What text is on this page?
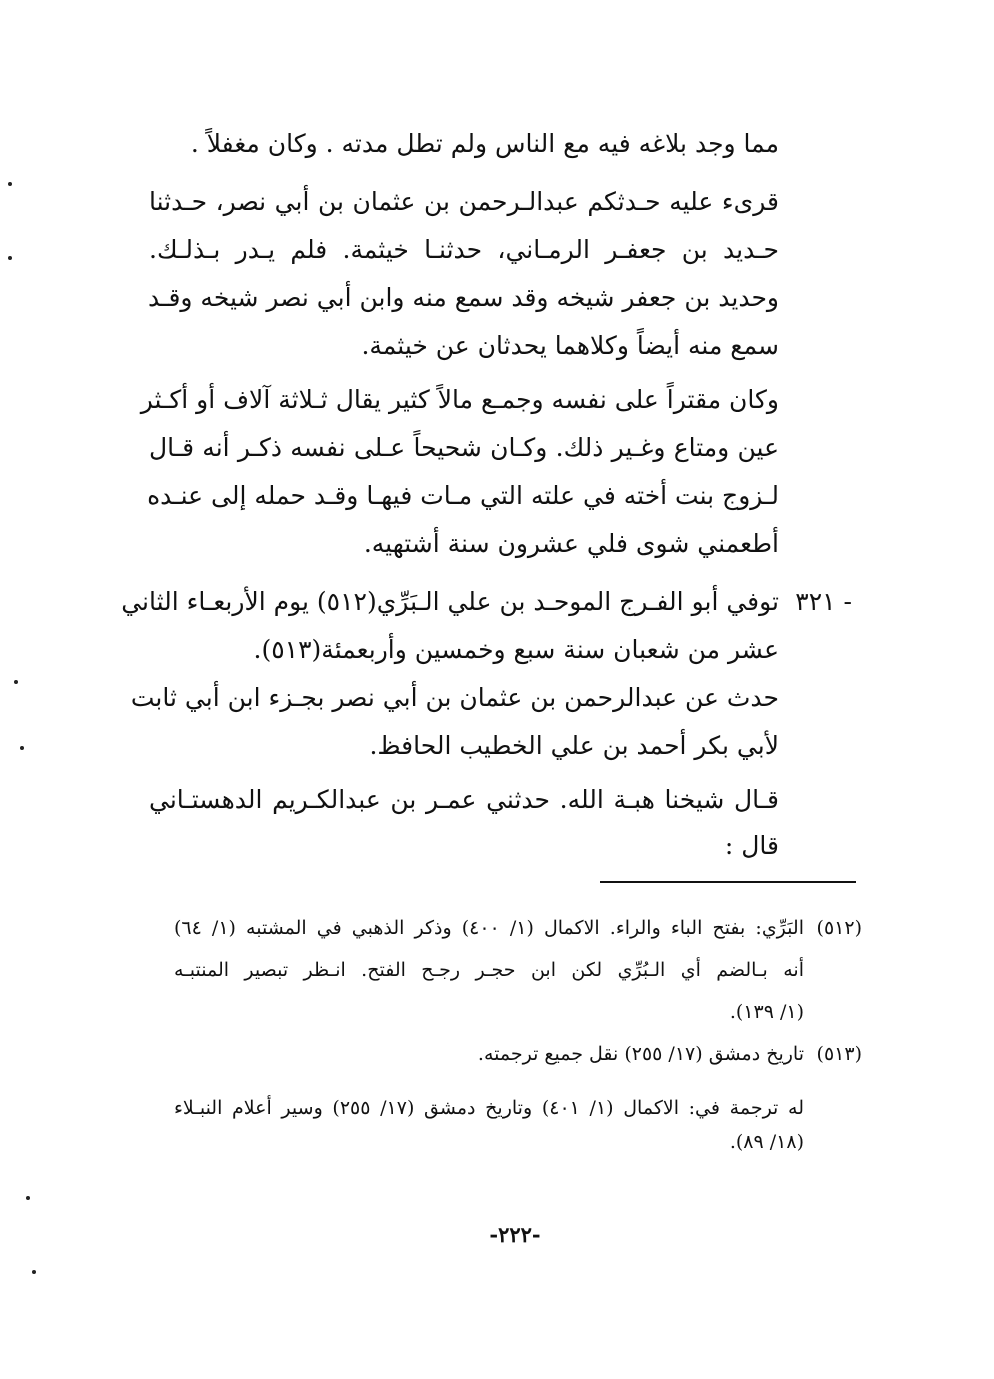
مما وجد بلاغه فيه مع الناس ولم تطل مدته . وكان مغفلاً .
قرىء عليه حـدثكم عبدالـرحمن بن عثمان بن أبي نصر، حـدثنا
حـديد بن جعفـر الرمـاني، حدثنـا خيثمة. فلم يـدر بـذلـك.
وحديد بن جعفر شيخه وقد سمع منه وابن أبي نصر شيخه وقـد
سمع منه أيضاً وكلاهما يحدثان عن خيثمة.
وكان مقتراً على نفسه وجمـع مالاً كثير يقال ثـلاثة آلاف أو أكـثر
عين ومتاع وغـير ذلك. وكـان شحيحاً عـلى نفسه ذكـر أنه قـال
لـزوج بنت أخته في علته التي مـات فيهـا وقـد حمله إلى عنـده
أطعمني شوى فلي عشرون سنة أشتهيه.
٣٢١ -
توفي أبو الفـرج الموحـد بن علي الـبَرِّي(٥١٢) يوم الأربعـاء الثاني
عشر من شعبان سنة سبع وخمسين وأربعمئة(٥١٣).
حدث عن عبدالرحمن بن عثمان بن أبي نصر بجـزء ابن أبي ثابت
لأبي بكر أحمد بن علي الخطيب الحافظ.
قـال شيخنا هبـة الله. حدثني عمـر بن عبدالكـريم الدهستـاني
قال :
(٥١٢)
البَرِّي: بفتح الباء والراء. الاكمال (١/ ٤٠٠) وذكر الذهبي في المشتبه (١/ ٦٤)
أنه بـالضم أي الـبُرِّي لكن ابن حجـر رجـح الفتح. انـظر تبصير المنتبـه
(١/ ١٣٩).
(٥١٣)
تاريخ دمشق (١٧/ ٢٥٥) نقل جميع ترجمته.
له ترجمة في: الاكمال (١/ ٤٠١) وتاريخ دمشق (١٧/ ٢٥٥) وسير أعلام النبـلاء
(١٨/ ٨٩).
-٢٢٢-
